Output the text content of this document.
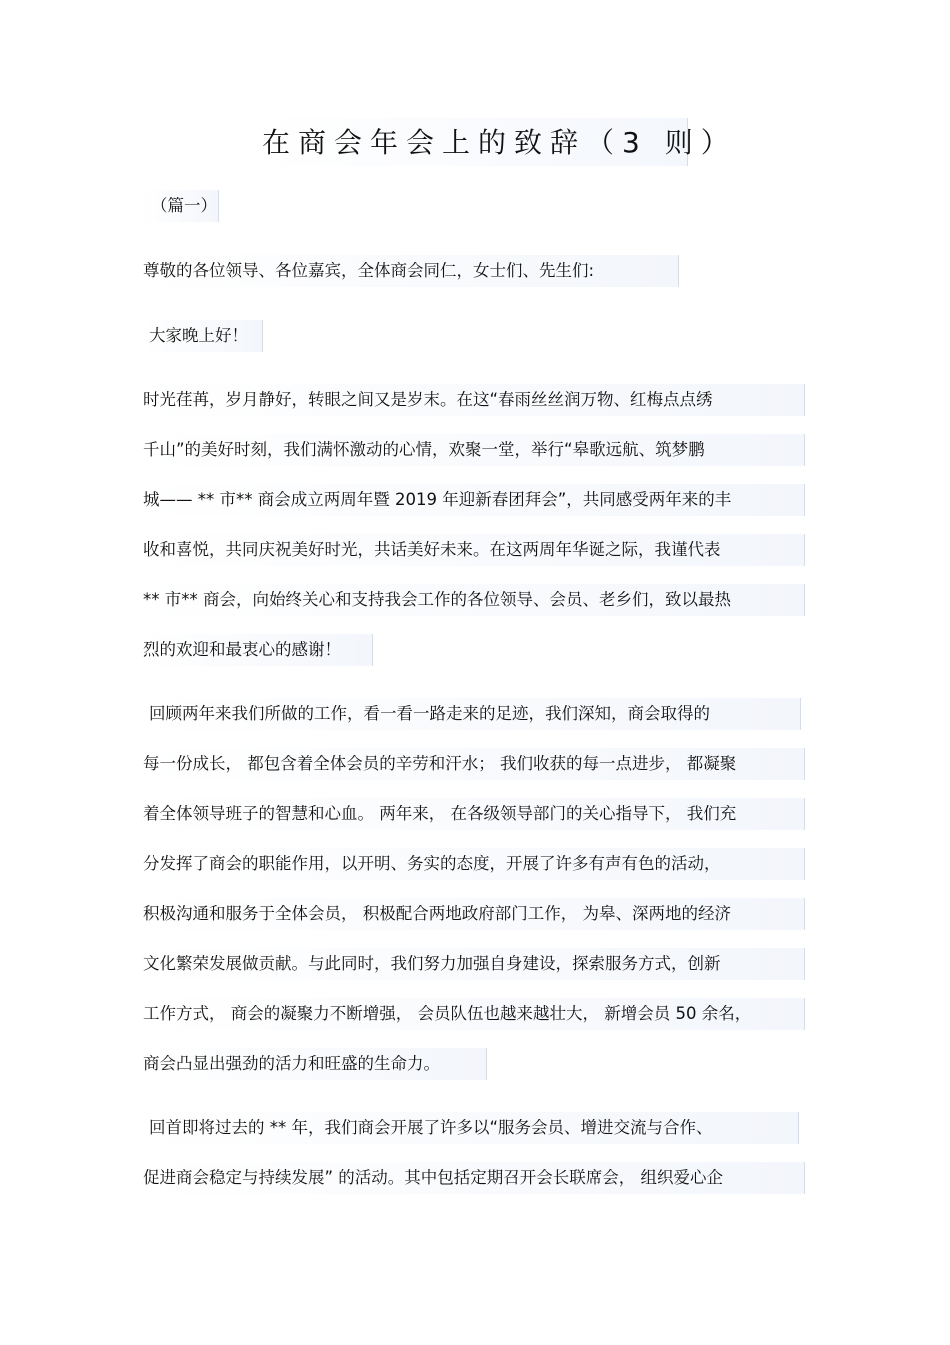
在商会年会上的致辞（3 则）
（篇一）
尊敬的各位领导、各位嘉宾，全体商会同仁，女士们、先生们:
大家晚上好！
时光荏苒，岁月静好，转眼之间又是岁末。在这“春雨丝丝润万物、红梅点点绣
千山”的美好时刻，我们满怀激动的心情，欢聚一堂，举行“皋歌远航、筑梦鹏
城—— ** 市** 商会成立两周年暨 2019 年迎新春团拜会”，共同感受两年来的丰
收和喜悦，共同庆祝美好时光，共话美好未来。在这两周年华诞之际，我谨代表
** 市** 商会，向始终关心和支持我会工作的各位领导、会员、老乡们，致以最热
烈的欢迎和最衷心的感谢！
回顾两年来我们所做的工作，看一看一路走来的足迹，我们深知，商会取得的
每一份成长， 都包含着全体会员的辛劳和汗水； 我们收获的每一点进步， 都凝聚
着全体领导班子的智慧和心血。 两年来， 在各级领导部门的关心指导下， 我们充
分发挥了商会的职能作用，以开明、务实的态度，开展了许多有声有色的活动，
积极沟通和服务于全体会员， 积极配合两地政府部门工作， 为皋、深两地的经济
文化繁荣发展做贡献。与此同时，我们努力加强自身建设，探索服务方式，创新
工作方式， 商会的凝聚力不断增强， 会员队伍也越来越壮大， 新增会员 50 余名，
商会凸显出强劲的活力和旺盛的生命力。
回首即将过去的 ** 年，我们商会开展了许多以“服务会员、增进交流与合作、
促进商会稳定与持续发展” 的活动。其中包括定期召开会长联席会， 组织爱心企
